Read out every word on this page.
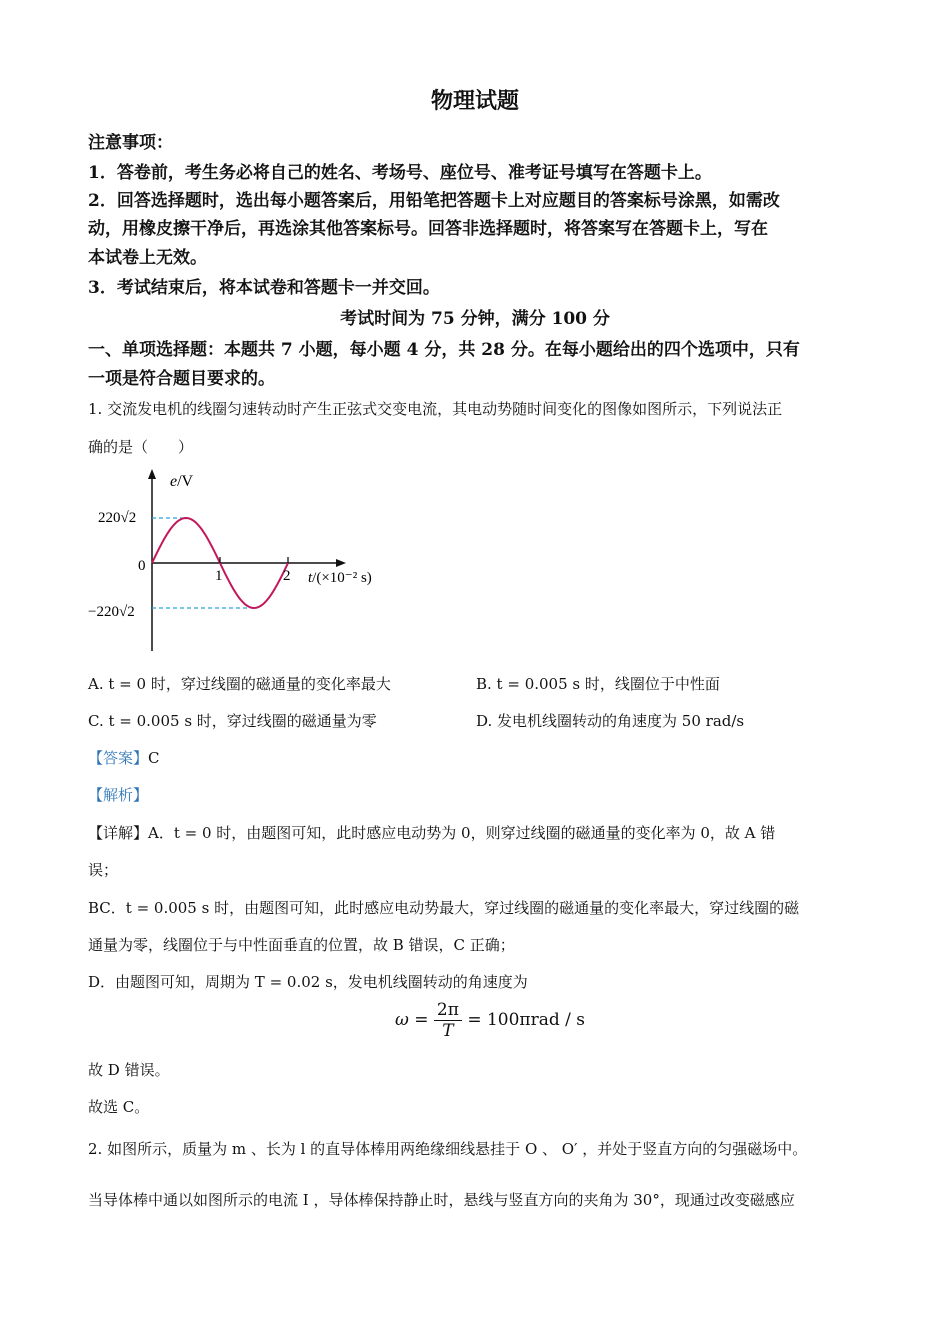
物理试题
注意事项：
1．答卷前，考生务必将自己的姓名、考场号、座位号、准考证号填写在答题卡上。
2．回答选择题时，选出每小题答案后，用铅笔把答题卡上对应题目的答案标号涂黑，如需改
动，用橡皮擦干净后，再选涂其他答案标号。回答非选择题时，将答案写在答题卡上，写在
本试卷上无效。
3．考试结束后，将本试卷和答题卡一并交回。
考试时间为 75 分钟，满分 100 分
一、单项选择题：本题共 7 小题，每小题 4 分，共 28 分。在每小题给出的四个选项中，只有
一项是符合题目要求的。
1. 交流发电机的线圈匀速转动时产生正弦式交变电流，其电动势随时间变化的图像如图所示，下列说法正
确的是（　　）
1	2
e/V
220√2
0
−220√2
t/(×10⁻² s)
A. t = 0 时，穿过线圈的磁通量的变化率最大	B. t = 0.005 s 时，线圈位于中性面
C. t = 0.005 s 时，穿过线圈的磁通量为零	D. 发电机线圈转动的角速度为 50 rad/s
【答案】C
【解析】
【详解】A．t = 0 时，由题图可知，此时感应电动势为 0，则穿过线圈的磁通量的变化率为 0，故 A 错
误；
BC．t = 0.005 s 时，由题图可知，此时感应电动势最大，穿过线圈的磁通量的变化率最大，穿过线圈的磁
通量为零，线圈位于与中性面垂直的位置，故 B 错误，C 正确；
D．由题图可知，周期为 T = 0.02 s，发电机线圈转动的角速度为
$\omega = \frac{2\pi}{T} = 100\pi rad / s$
故 D 错误。
故选 C。
2. 如图所示，质量为 m 、长为 l 的直导体棒用两绝缘细线悬挂于 O 、 O′ ，并处于竖直方向的匀强磁场中。
当导体棒中通以如图所示的电流 I ，导体棒保持静止时，悬线与竖直方向的夹角为 30°，现通过改变磁感应
